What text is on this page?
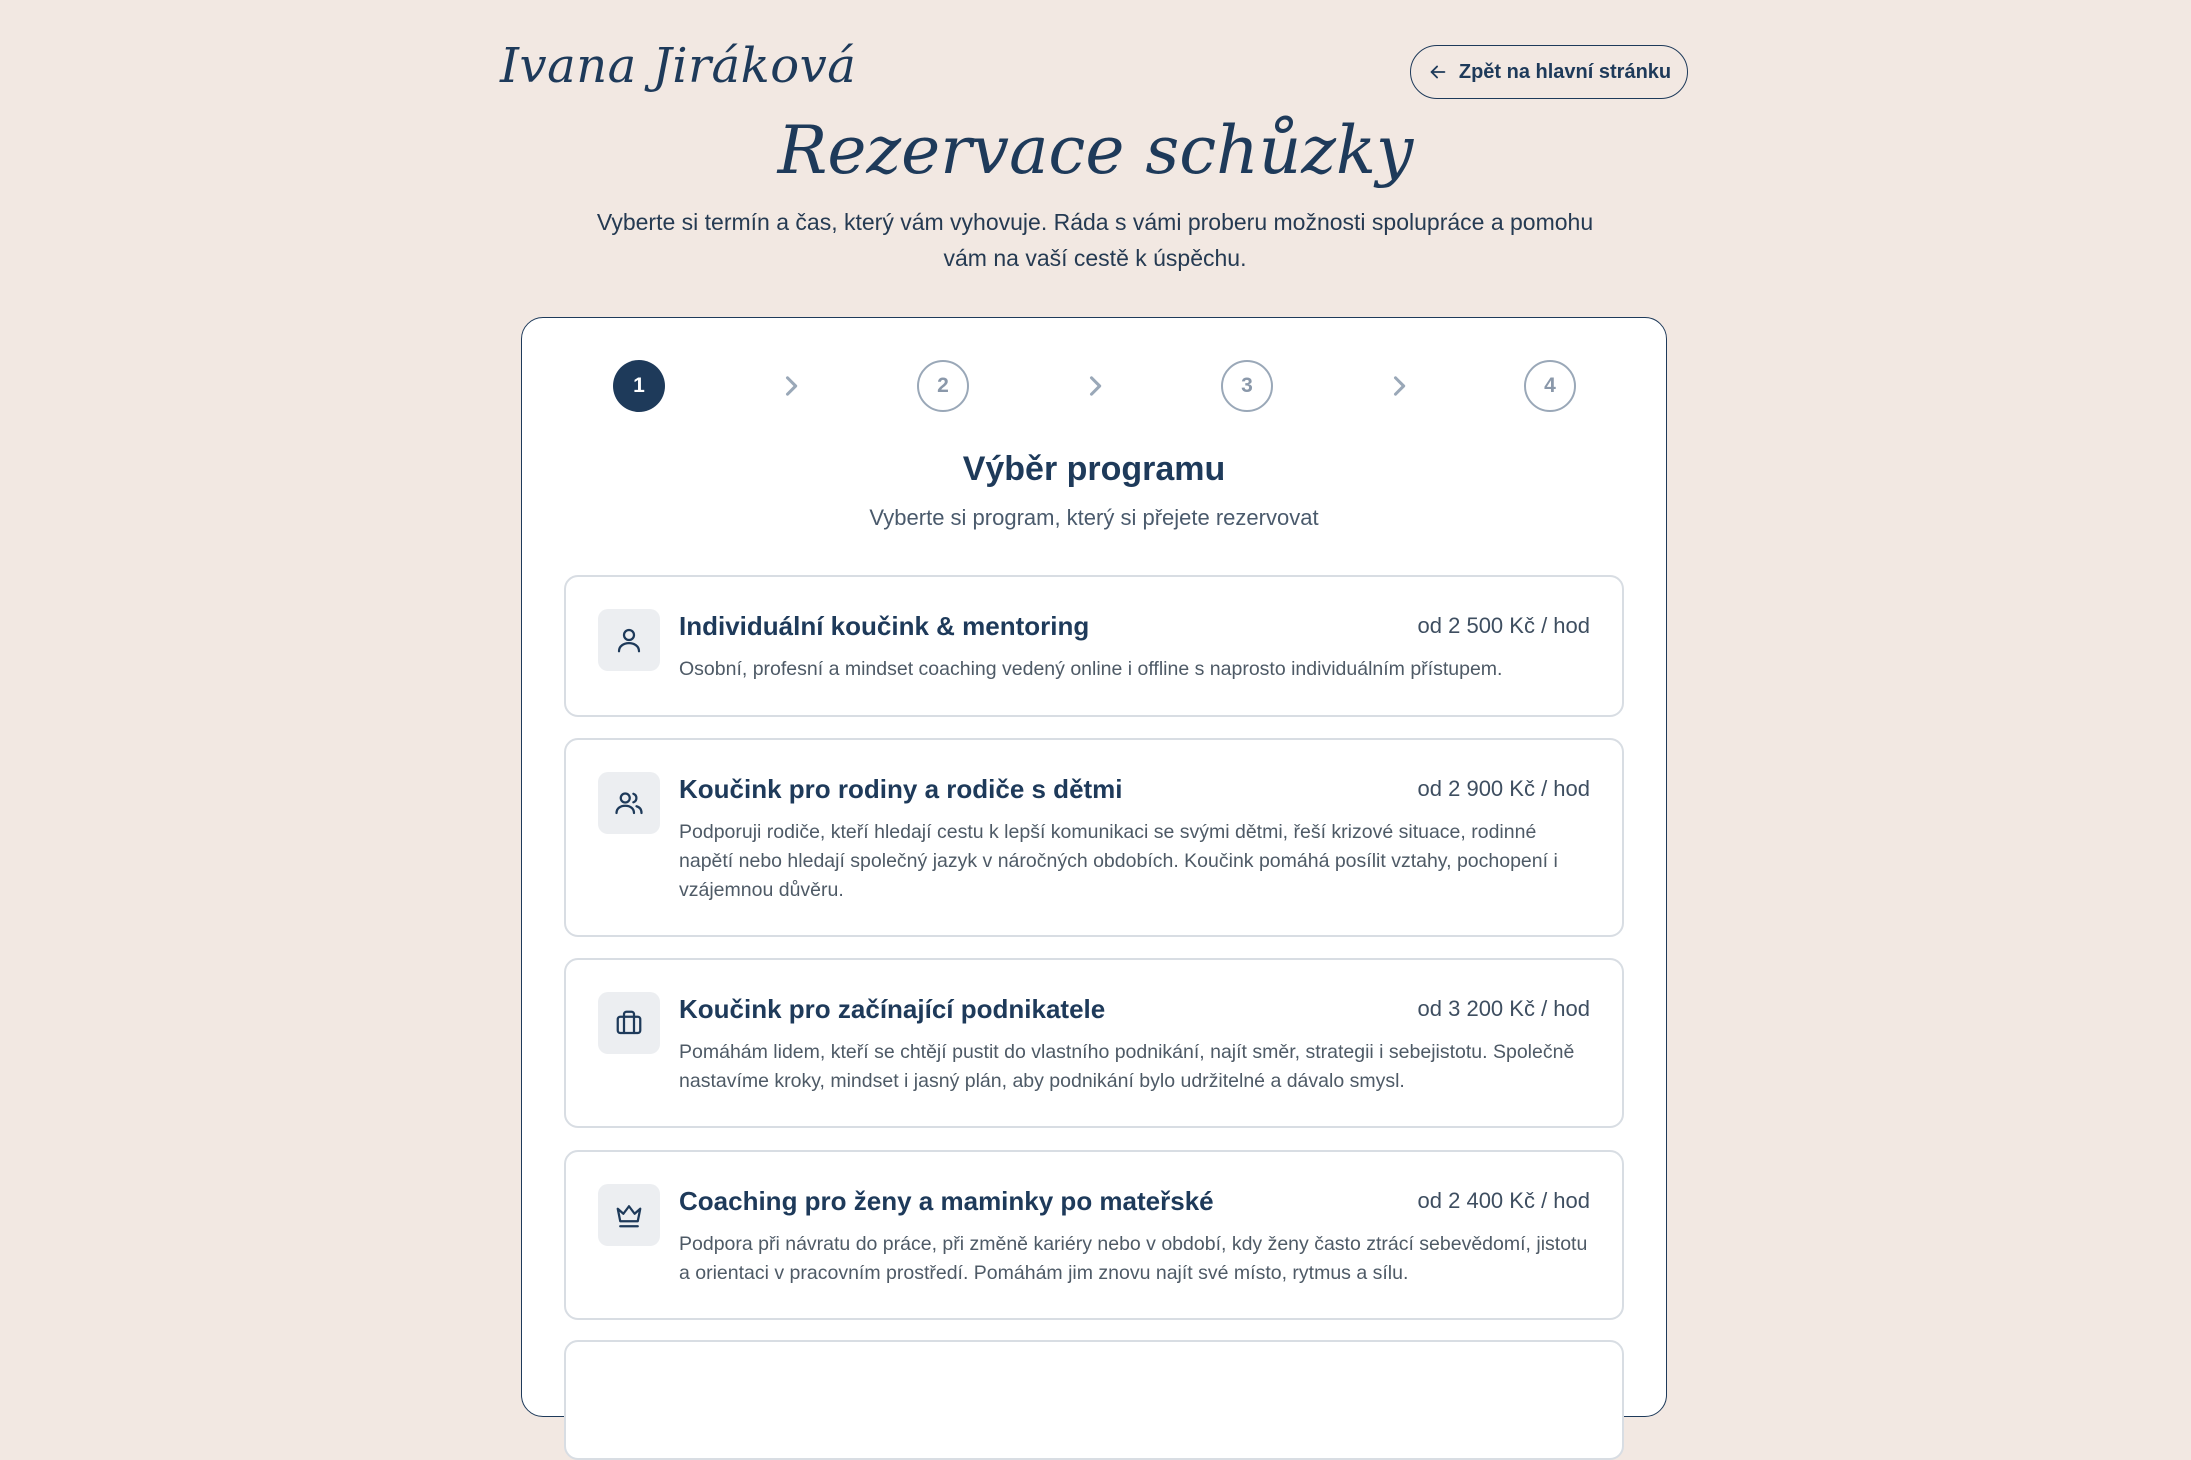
Ivana Jiráková	Zpět na hlavní stránku
Rezervace schůzky
Vyberte si termín a čas, který vám vyhovuje. Ráda s vámi proberu možnosti spolupráce a pomohu vám na vaší cestě k úspěchu.
1	2	3	4
Výběr programu
Vyberte si program, který si přejete rezervovat
Individuální koučink & mentoring	od 2 500 Kč / hod
Osobní, profesní a mindset coaching vedený online i offline s naprosto individuálním přístupem.
Koučink pro rodiny a rodiče s dětmi	od 2 900 Kč / hod
Podporuji rodiče, kteří hledají cestu k lepší komunikaci se svými dětmi, řeší krizové situace, rodinné napětí nebo hledají společný jazyk v náročných obdobích. Koučink pomáhá posílit vztahy, pochopení i vzájemnou důvěru.
Koučink pro začínající podnikatele	od 3 200 Kč / hod
Pomáhám lidem, kteří se chtějí pustit do vlastního podnikání, najít směr, strategii i sebejistotu. Společně nastavíme kroky, mindset i jasný plán, aby podnikání bylo udržitelné a dávalo smysl.
Coaching pro ženy a maminky po mateřské	od 2 400 Kč / hod
Podpora při návratu do práce, při změně kariéry nebo v období, kdy ženy často ztrácí sebevědomí, jistotu a orientaci v pracovním prostředí. Pomáhám jim znovu najít své místo, rytmus a sílu.
